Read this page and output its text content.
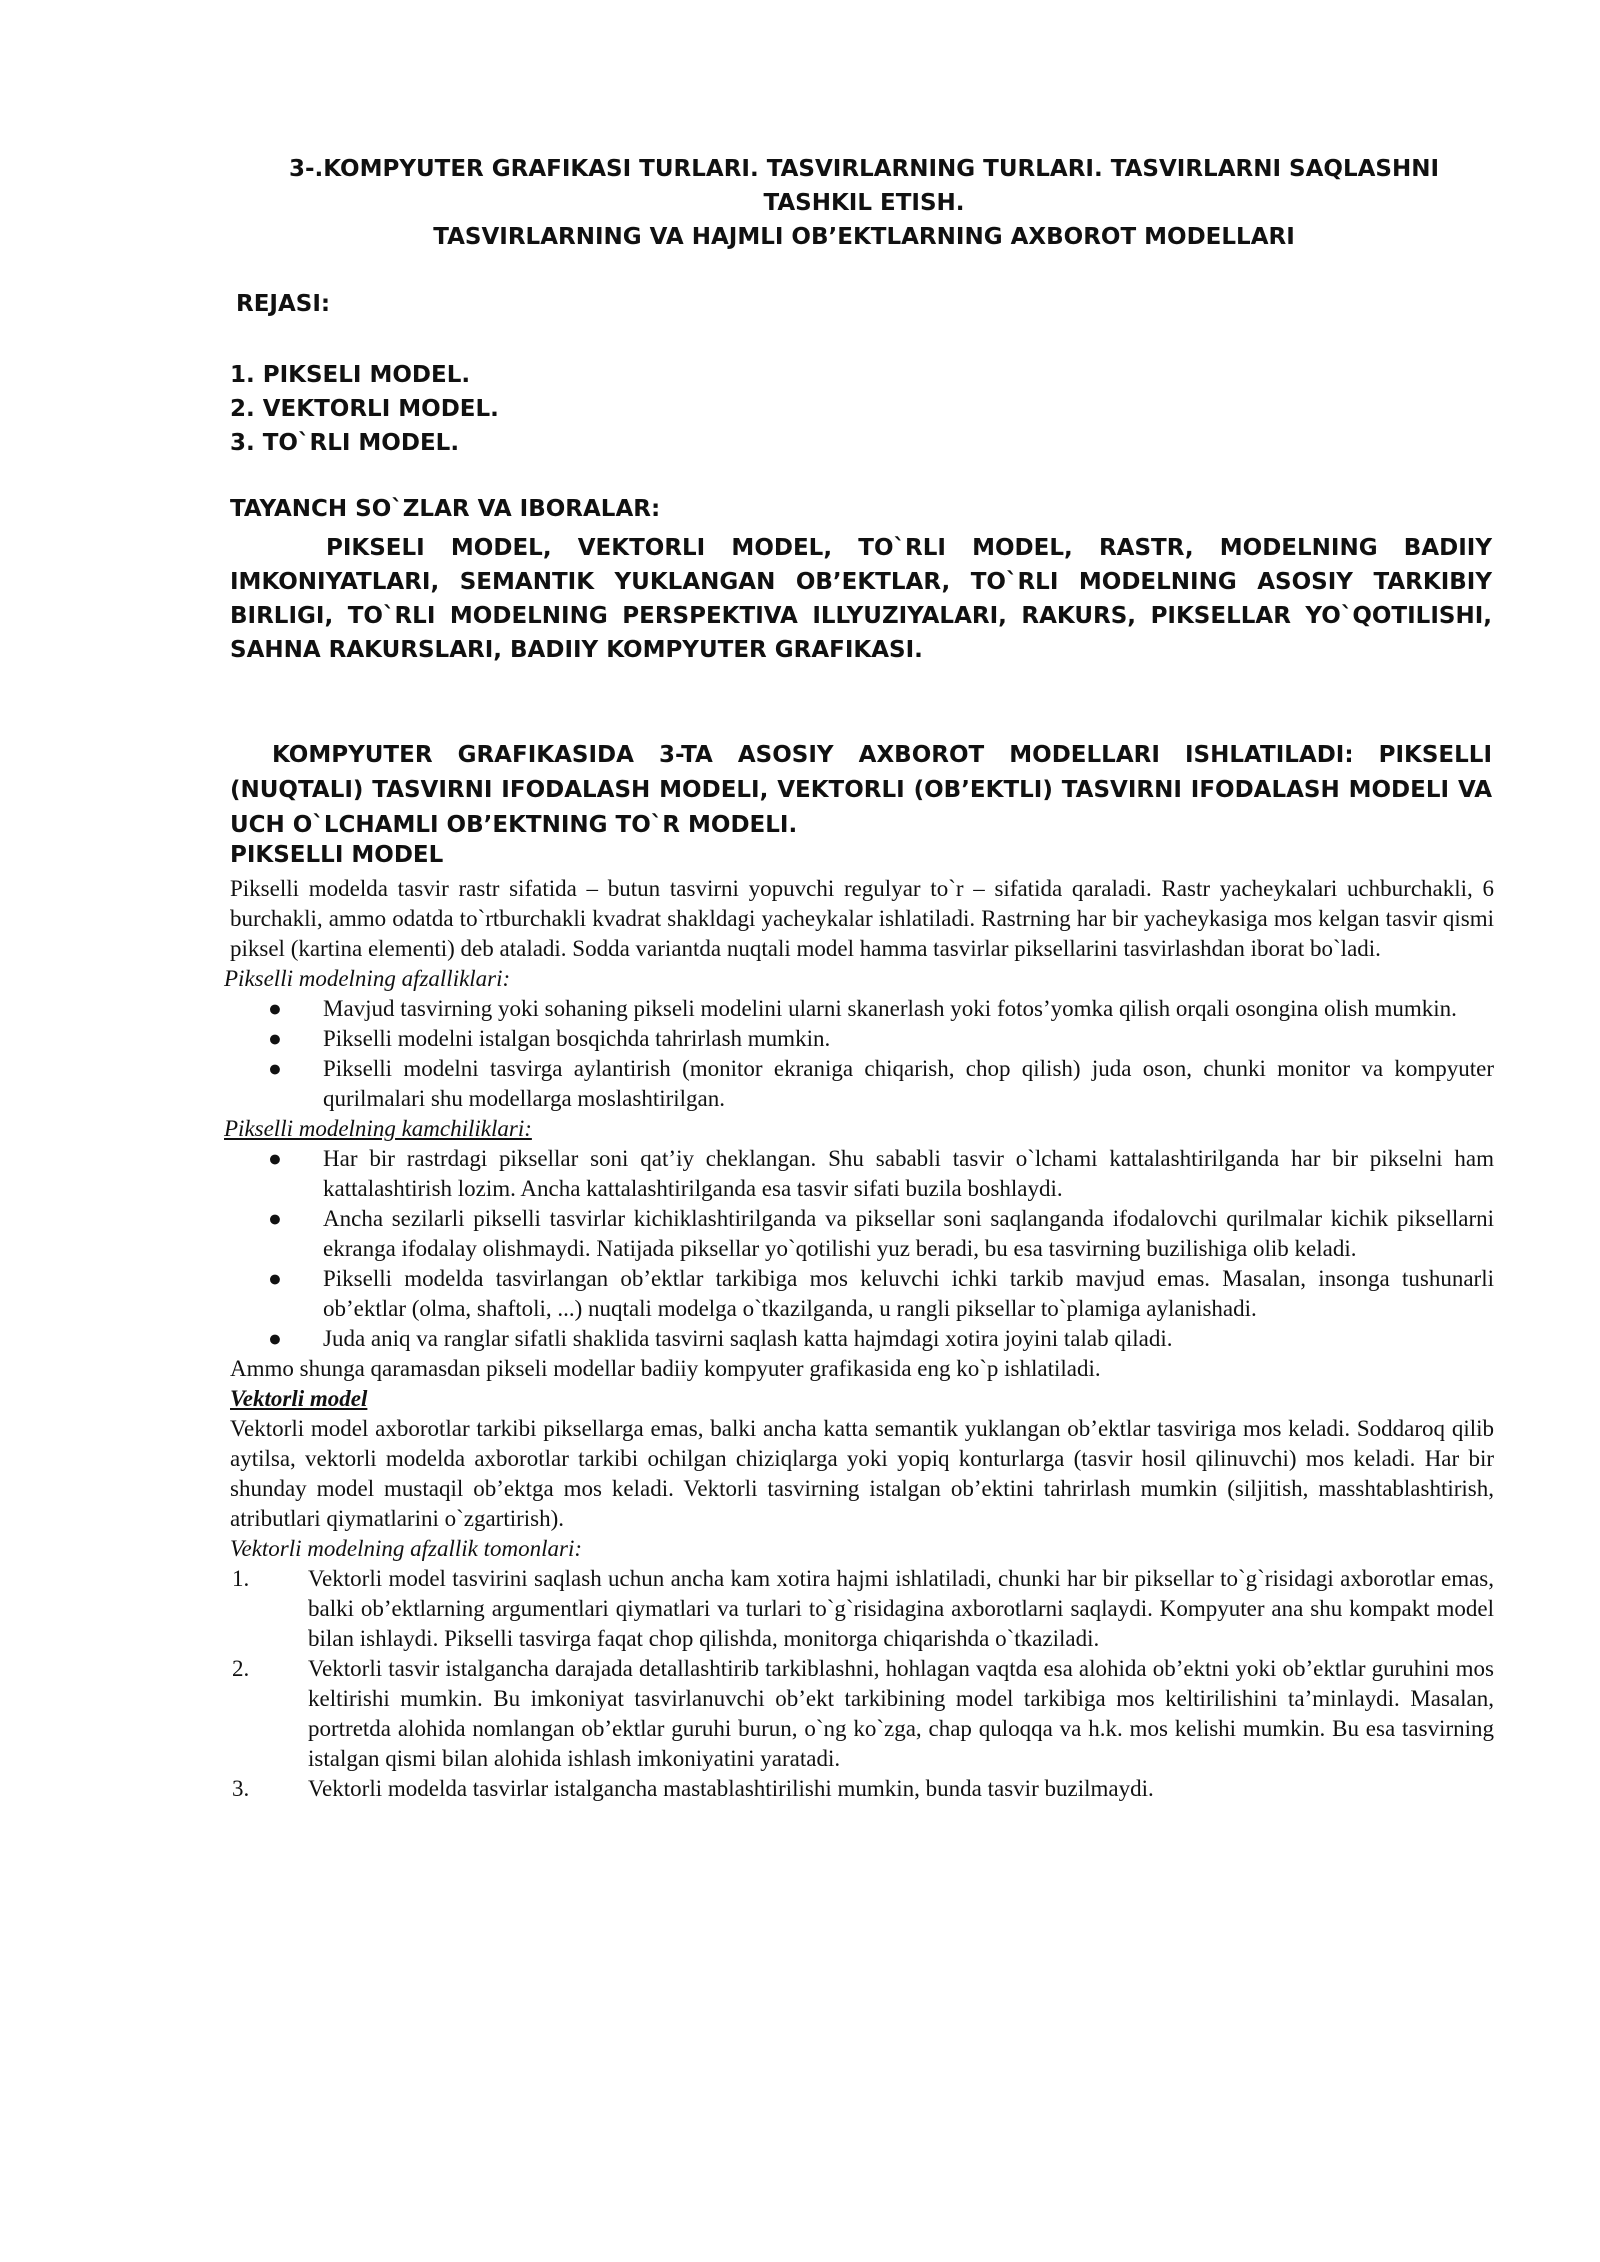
3-.KOMPYUTER GRAFIKASI TURLARI. TASVIRLARNING TURLARI. TASVIRLARNI SAQLASHNI
TASHKIL ETISH.
TASVIRLARNING VA HAJMLI OB’EKTLARNING AXBOROT MODELLARI
REJASI:
1. PIKSELI MODEL.
2. VEKTORLI MODEL.
3. TO`RLI MODEL.
TAYANCH SO`ZLAR VA IBORALAR:
PIKSELI MODEL, VEKTORLI MODEL, TO`RLI MODEL, RASTR, MODELNING BADIIY IMKONIYATLARI, SEMANTIK YUKLANGAN OB’EKTLAR, TO`RLI MODELNING ASOSIY TARKIBIY BIRLIGI, TO`RLI MODELNING PERSPEKTIVA ILLYUZIYALARI, RAKURS, PIKSELLAR YO`QOTILISHI, SAHNA RAKURSLARI, BADIIY KOMPYUTER GRAFIKASI.
KOMPYUTER GRAFIKASIDA 3-TA ASOSIY AXBOROT MODELLARI ISHLATILADI: PIKSELLI (NUQTALI) TASVIRNI IFODALASH MODELI, VEKTORLI (OB’EKTLI) TASVIRNI IFODALASH MODELI VA UCH O`LCHAMLI OB’EKTNING TO`R MODELI.
PIKSELLI MODEL

Pikselli modelda tasvir rastr sifatida – butun tasvirni yopuvchi regulyar to`r – sifatida qaraladi. Rastr yacheykalari uchburchakli, 6 burchakli, ammo odatda to`rtburchakli kvadrat shakldagi yacheykalar ishlatiladi. Rastrning har bir yacheykasiga mos kelgan tasvir qismi piksel (kartina elementi) deb ataladi. Sodda variantda nuqtali model hamma tasvirlar piksellarini tasvirlashdan iborat bo`ladi.

Pikselli modelning afzalliklari:

● Mavjud tasvirning yoki sohaning pikseli modelini ularni skanerlash yoki fotos’yomka qilish orqali osongina olish mumkin.
● Pikselli modelni istalgan bosqichda tahrirlash mumkin.
● Pikselli modelni tasvirga aylantirish (monitor ekraniga chiqarish, chop qilish) juda oson, chunki monitor va kompyuter qurilmalari shu modellarga moslashtirilgan.

Pikselli modelning kamchiliklari:

● Har bir rastrdagi piksellar soni qat’iy cheklangan. Shu sababli tasvir o`lchami kattalashtirilganda har bir pikselni ham kattalashtirish lozim. Ancha kattalashtirilganda esa tasvir sifati buzila boshlaydi.
● Ancha sezilarli pikselli tasvirlar kichiklashtirilganda va piksellar soni saqlanganda ifodalovchi qurilmalar kichik piksellarni ekranga ifodalay olishmaydi. Natijada piksellar yo`qotilishi yuz beradi, bu esa tasvirning buzilishiga olib keladi.
● Pikselli modelda tasvirlangan ob’ektlar tarkibiga mos keluvchi ichki tarkib mavjud emas. Masalan, insonga tushunarli ob’ektlar (olma, shaftoli, ...) nuqtali modelga o`tkazilganda, u rangli piksellar to`plamiga aylanishadi.
● Juda aniq va ranglar sifatli shaklida tasvirni saqlash katta hajmdagi xotira joyini talab qiladi.

Ammo shunga qaramasdan pikseli modellar badiiy kompyuter grafikasida eng ko`p ishlatiladi.

Vektorli model

Vektorli model axborotlar tarkibi piksellarga emas, balki ancha katta semantik yuklangan ob’ektlar tasviriga mos keladi. Soddaroq qilib aytilsa, vektorli modelda axborotlar tarkibi ochilgan chiziqlarga yoki yopiq konturlarga (tasvir hosil qilinuvchi) mos keladi. Har bir shunday model mustaqil ob’ektga mos keladi. Vektorli tasvirning istalgan ob’ektini tahrirlash mumkin (siljitish, masshtablashtirish, atributlari qiymatlarini o`zgartirish).

Vektorli modelning afzallik tomonlari:

1.	Vektorli model tasvirini saqlash uchun ancha kam xotira hajmi ishlatiladi, chunki har bir piksellar to`g`risidagi axborotlar emas, balki ob’ektlarning argumentlari qiymatlari va turlari to`g`risidagina axborotlarni saqlaydi. Kompyuter ana shu kompakt model bilan ishlaydi. Pikselli tasvirga faqat chop qilishda, monitorga chiqarishda o`tkaziladi.
2.	Vektorli tasvir istalgancha darajada detallashtirib tarkiblashni, hohlagan vaqtda esa alohida ob’ektni yoki ob’ektlar guruhini mos keltirishi mumkin. Bu imkoniyat tasvirlanuvchi ob’ekt tarkibining model tarkibiga mos keltirilishini ta’minlaydi. Masalan, portretda alohida nomlangan ob’ektlar guruhi burun, o`ng ko`zga, chap quloqqa va h.k. mos kelishi mumkin. Bu esa tasvirning istalgan qismi bilan alohida ishlash imkoniyatini yaratadi.
3.	Vektorli modelda tasvirlar istalgancha mastablashtirilishi mumkin, bunda tasvir buzilmaydi.
